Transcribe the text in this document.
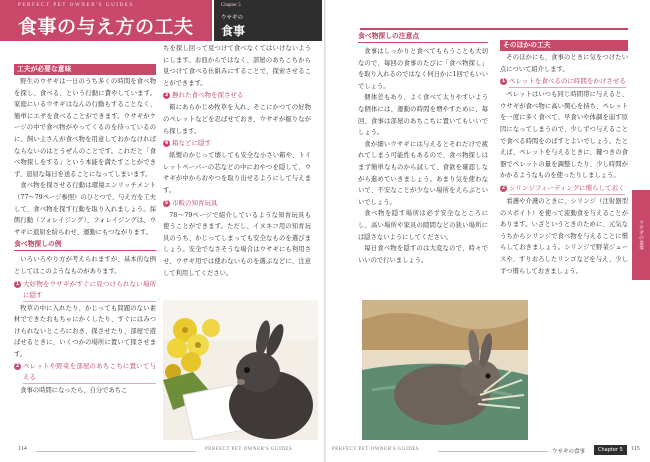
PERFECT PET OWNER'S GUIDES
食事の与え方の工夫
Chapter 5
ウサギの
食事
工夫が必要な意味

野生のウサギは一日のうち多くの時間を食べ物を探し、食べる、という行動に費やしています。家庭にいるウサギはなんの行動もすることなく、簡単にエサを食べることができます。ウサギがケージの中で食べ物がやってくるのを待っているのに、飼い主さんが食べ物を用意しておかなければならないのはとうぜんのことです。これだと「食べ物探しをする」という本能を満たすことができず、退屈な毎日を送ることになってしまいます。

食べ物を探させる行動は環境エンリッチメント（77〜79ページ参照）のひとつで、与え方を工夫して、食べ物を探す行動を取り入れましょう。採餌行動（フォレイジング）、フォレイジングは、ウサギに退屈を紛らわせ、運動にもつながります。

食べ物探しの例

いろいろやり方が考えられますが、基本的な例としてはこのようなものがあります。

1 大好物をウサギがすぐに見つけられない場所に隠す

牧草の中に入れたり、かじっても問題のない素材でできたおもちゃにかくしたり、すぐにはみつけられないところにおき、探させたり、部屋で遊ばせるときに、いくつかの場所に置いて探させます。

2 ペレットや野菜を部屋のあちこちに置いて与える

食事の時間になったら、自分であちこ

ちを探し回って見つけて食べなくてはいけないようにします。お皿からではなく、部屋のあちこちから見つけて食べる仕組みにすることで、探索させることができます。

3 撫れた食べ物を探させる

箱にあらかじめ牧草を入れ、そこにかつての好物のペレットなどを忍ばせておき、ウサギが掘りながら探します。

4 箱などに隠す

紙製のかじって壊しても安全な小さい箱や、トイレットペーパーの芯などの中におやつを隠して、ウサギが中からおやつを取り出せるようにして与えます。

5 市販の知育玩具

78〜79ページで紹介しているような知育玩具も使うことができます。ただし、イヌネコ用の知育玩具のうち、かじってしまっても安全なものを選びましょう。安全でなさそうな場合はウサギにも利用させ、ウサギ用では使わないものを選ぶなどに、注意して利用してください。

食べ物探しの注意点

食事はしっかりと食べてもらうことも大切なので、毎回の食事のたびに「食べ物探し」を取り入れるのではなく何日かに1回でもいいでしょう。

個体差もあり、よく食べて太りやすいような個体には、運動の時間を増やすために、毎回、食事は部屋のあちこちに置いてもいいでしょう。

食が細いウサギには与えるとそれだけで疲れてしまう可能性もあるので、食べ物探しはまず簡単なものから試して、食欲を確認しながら進めていきましょう。あまり気を使わないで、不安なことが少ない場所をえらぶといいでしょう。

食べ物を隠す場所は必ず安全なところにし、高い場所や家具の隙間などの狭い場所には隠さないようにしてください。

毎日食べ物を隠すのは大変なので、時々でいいので行いましょう。

そのほかの工夫

そのほかにも、食事のときに気をつけたい点について紹介します。

1 ペレットを食べるのに時間をかけさせる

ペレットはいつも同じ時間帯に与えると、ウサギが食べ物に高い関心を持ち、ペレットを一度に多く食べて、早食いや体調を崩す原因になってしまうので、少しずつ与えることで食べる時間をのばすとよいでしょう。たとえば、ペレットを与えるときに、鍵つきの食器でペレットの量を調整したり、少し時間がかかるようなものを使ったりしましょう。

2 シリンジフィーディングに慣らしておく

看護や介護のときに、シリンジ（注射器型のスポイト）を使って流動食を与えることがあります。いざというときのために、元気なうちからシリンジで食べ物を与えることに慣らしておきましょう。シリンジで野菜ジュースや、すりおろしたリンゴなどを与え、少しずつ慣らしておきましょう。

ウサギの食事
114	PERFECT PET OWNER'S GUIDES	PERFECT PET OWNER'S GUIDES	ウサギの食事	Chapter 5	115
